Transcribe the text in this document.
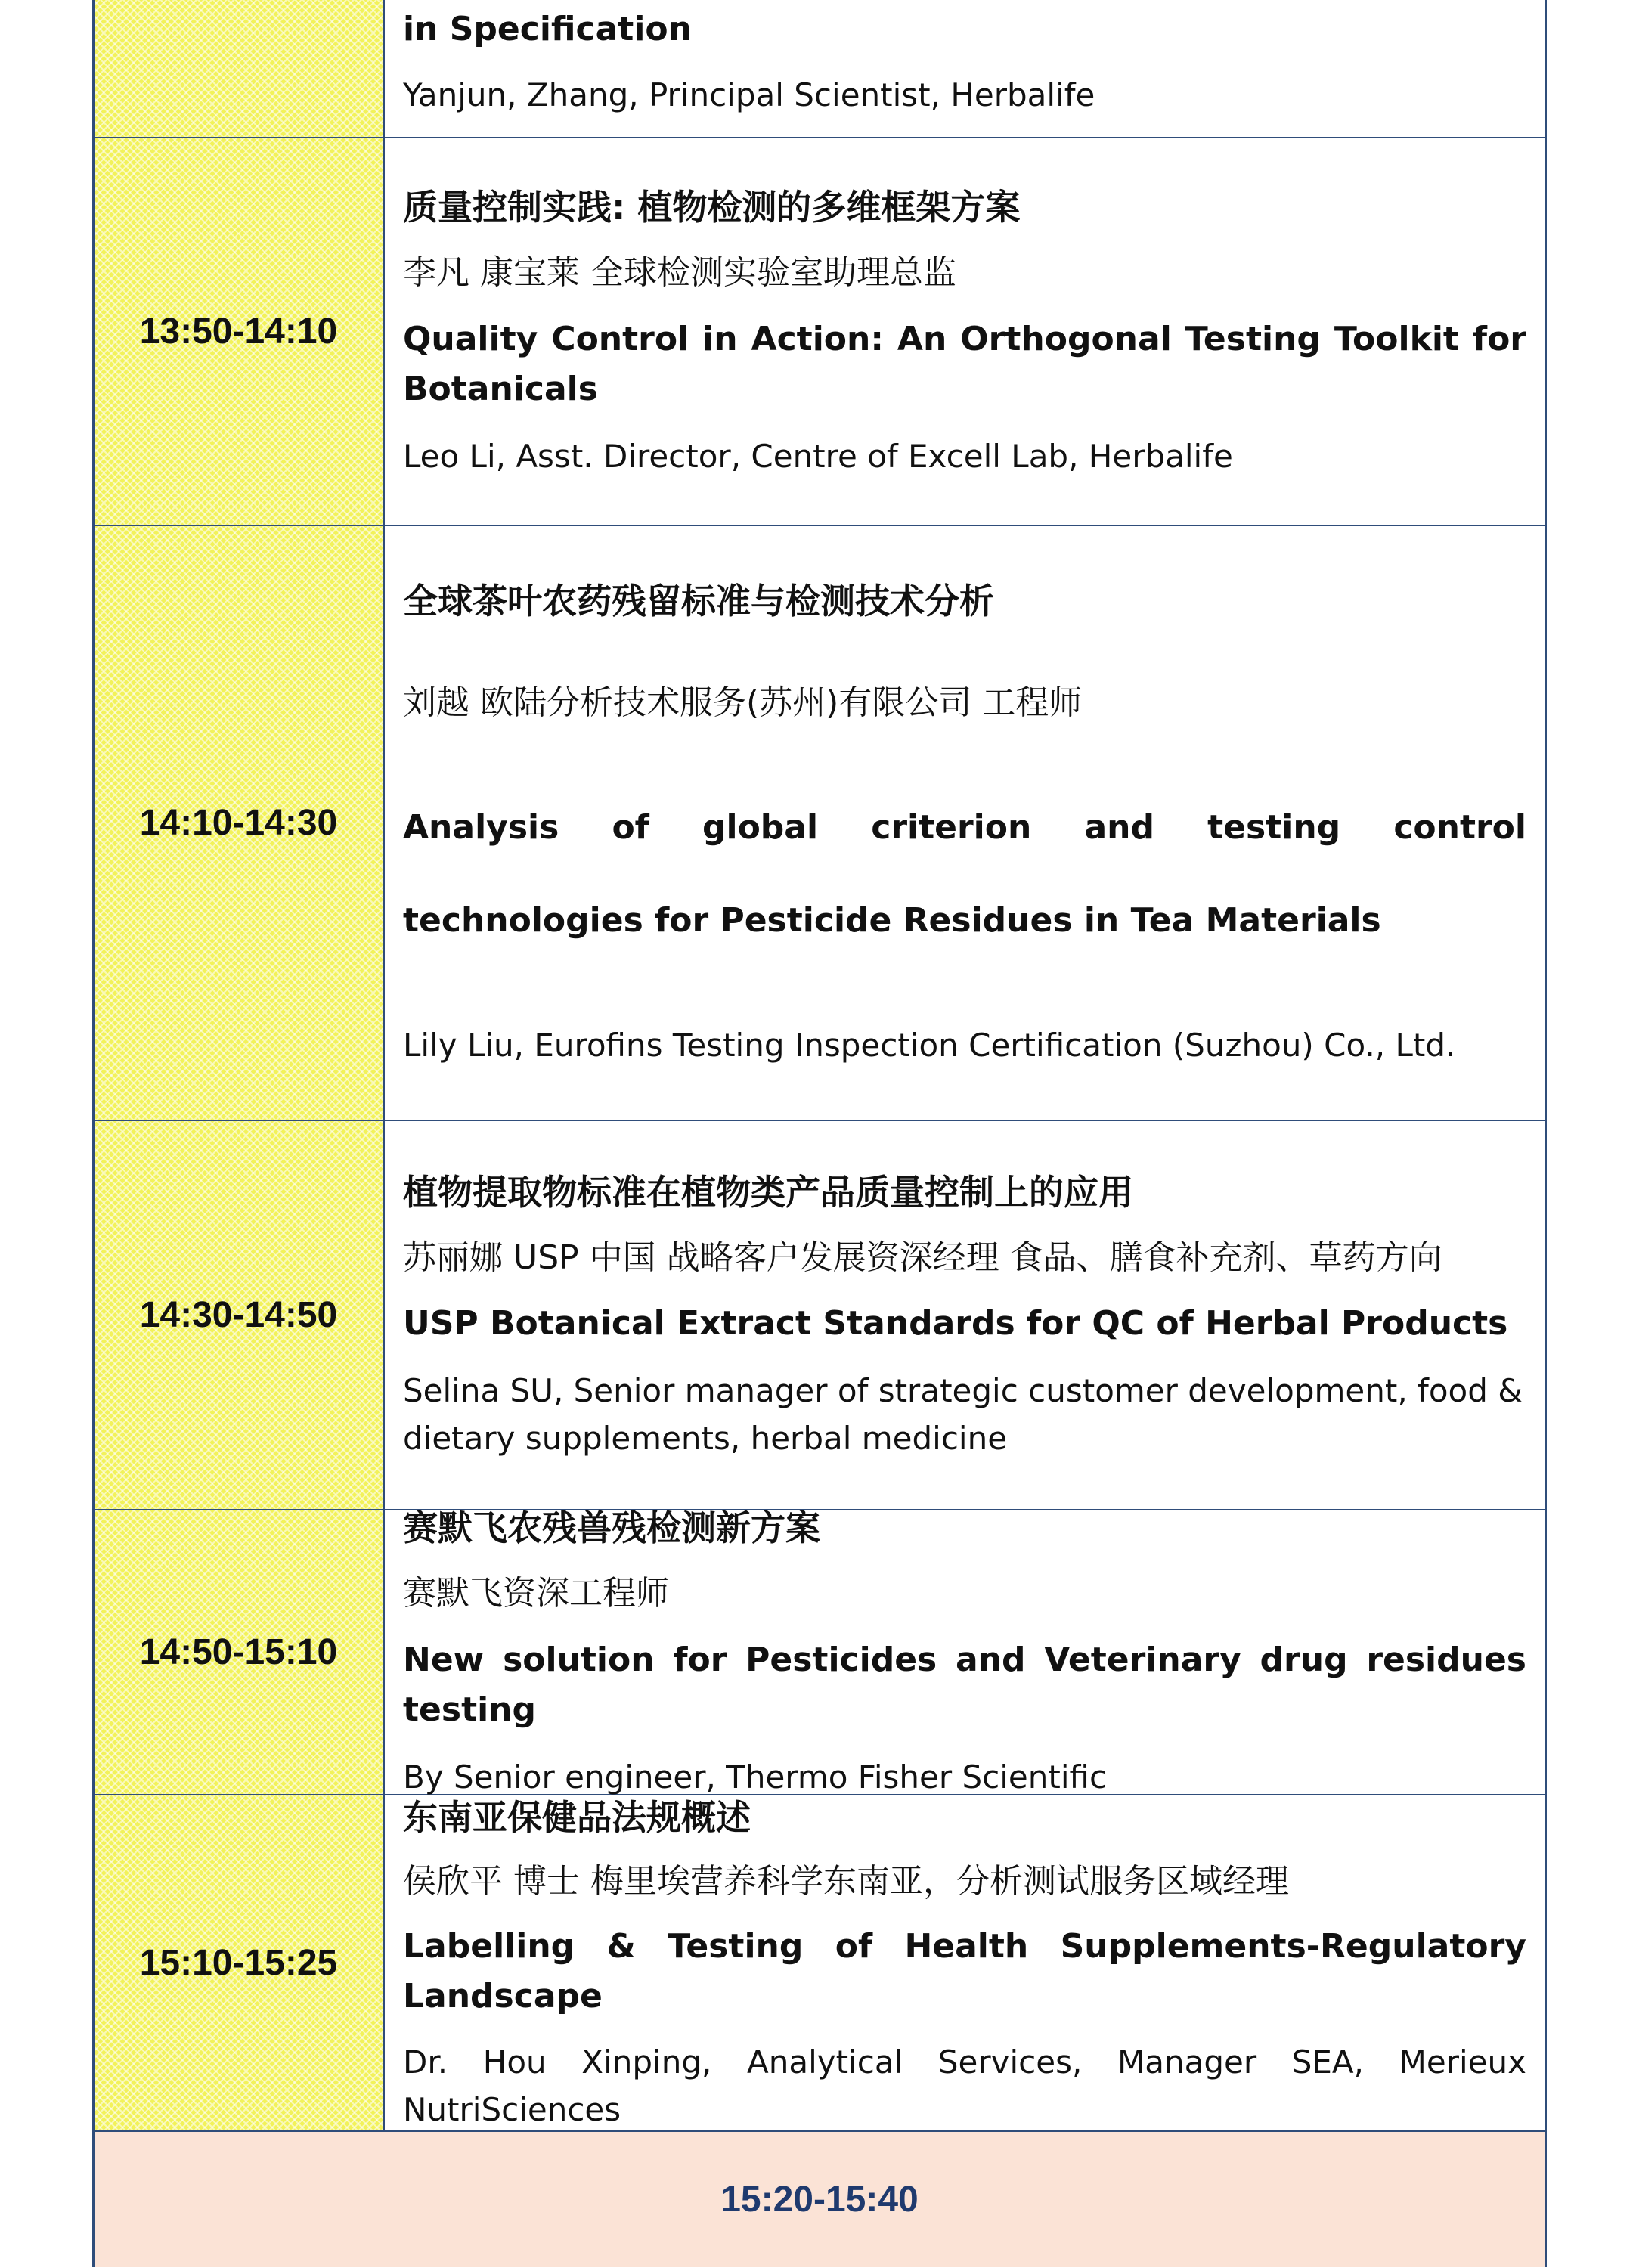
in Specification
Yanjun, Zhang, Principal Scientist, Herbalife
13:50-14:10
质量控制实践: 植物检测的多维框架方案
李凡 康宝莱 全球检测实验室助理总监
Quality Control in Action: An Orthogonal Testing Toolkit for Botanicals
Leo Li, Asst. Director, Centre of Excell Lab, Herbalife
14:10-14:30
全球茶叶农药残留标准与检测技术分析
刘越 欧陆分析技术服务(苏州)有限公司 工程师
Analysis of global criterion and testing control technologies for Pesticide Residues in Tea Materials
Lily Liu, Eurofins Testing Inspection Certification (Suzhou) Co., Ltd.
14:30-14:50
植物提取物标准在植物类产品质量控制上的应用
苏丽娜 USP 中国 战略客户发展资深经理 食品、膳食补充剂、草药方向
USP Botanical Extract Standards for QC of Herbal Products
Selina SU, Senior manager of strategic customer development, food & dietary supplements, herbal medicine
14:50-15:10
赛默飞农残兽残检测新方案
赛默飞资深工程师
New solution for Pesticides and Veterinary drug residues testing
By Senior engineer, Thermo Fisher Scientific
15:10-15:25
东南亚保健品法规概述
侯欣平 博士 梅里埃营养科学东南亚，分析测试服务区域经理
Labelling & Testing of Health Supplements-Regulatory Landscape
Dr. Hou Xinping, Analytical Services, Manager SEA, Merieux NutriSciences
15:20-15:40
